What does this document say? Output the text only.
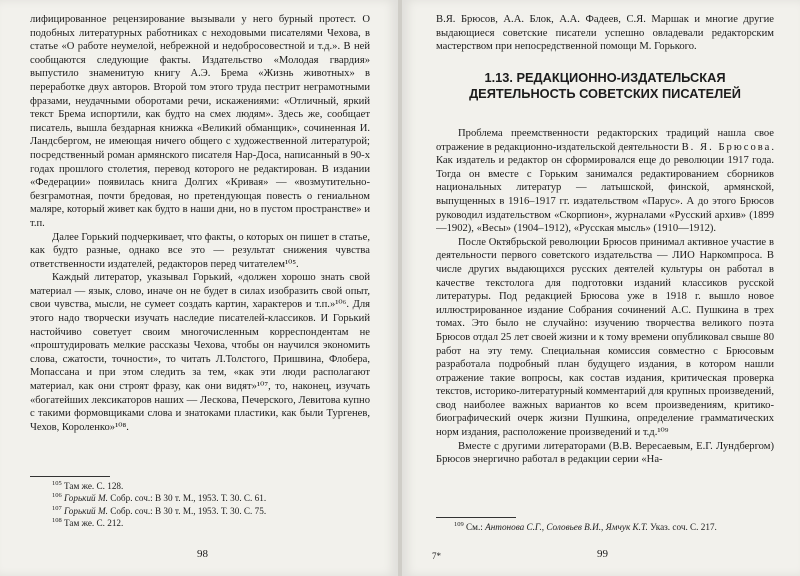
лифицированное рецензирование вызывали у него бурный протест. О подобных литературных работниках с неходовыми писателями Чехова, в статье «О работе неумелой, небрежной и недобросовестной и т.д.». В ней сообщаются следующие факты. Издательство «Молодая гвардия» выпустило знаменитую книгу А.Э. Брема «Жизнь животных» в переработке двух авторов. Второй том этого труда пестрит неграмотными фразами, неудачными оборотами речи, искажениями: «Отличный, яркий текст Брема испортили, как будто на смех людям». Здесь же, сообщает писатель, вышла бездарная книжка «Великий обманщик», сочиненная И. Ландсбергом, не имеющая ничего общего с художественной литературой; посредственный роман армянского писателя Нар-Доса, написанный в 90-х годах прошлого столетия, перевод которого не редактирован. В издании «Федерации» появилась книга Долгих «Кривая» — «возмутительно-безграмотная, почти бредовая, но претендующая повесть о гениальном маляре, который живет как будто в наши дни, но в пустом пространстве» и т.п.

Далее Горький подчеркивает, что факты, о которых он пишет в статье, как будто разные, однако все это — результат снижения чувства ответственности издателей, редакторов перед читателем¹⁰⁵.

Каждый литератор, указывал Горький, «должен хорошо знать свой материал — язык, слово, иначе он не будет в силах изобразить свой опыт, свои чувства, мысли, не сумеет создать картин, характеров и т.п.»¹⁰⁶. Для этого надо творчески изучать наследие писателей-классиков. И Горький настойчиво советует своим многочисленным корреспондентам не «проштудировать мелкие рассказы Чехова, чтобы он научился экономить слова, сжатости, точности», то читать Л.Толстого, Пришвина, Флобера, Мопассана и при этом следить за тем, «как эти люди располагают материал, как они строят фразу, как они видят»¹⁰⁷, то, наконец, изучать «богатейших лексикаторов наших — Лескова, Печерского, Левитова купно с такими формовщиками слова и знатоками пластики, как были Тургенев, Чехов, Короленко»¹⁰⁸.

$^{105}$ Там же. С. 128.
$^{106}$ Горький М. Собр. соч.: В 30 т. М., 1953. Т. 30. С. 61.
$^{107}$ Горький М. Собр. соч.: В 30 т. М., 1953. Т. 30. С. 75.
$^{108}$ Там же. С. 212.
98
В.Я. Брюсов, А.А. Блок, А.А. Фадеев, С.Я. Маршак и многие другие выдающиеся советские писатели успешно овладевали редакторским мастерством при непосредственной помощи М. Горького.
1.13. РЕДАКЦИОННО-ИЗДАТЕЛЬСКАЯ ДЕЯТЕЛЬНОСТЬ СОВЕТСКИХ ПИСАТЕЛЕЙ

Проблема преемственности редакторских традиций нашла свое отражение в редакционно-издательской деятельности В. Я. Брюсова. Как издатель и редактор он сформировался еще до революции 1917 года. Тогда он вместе с Горьким занимался редактированием сборников национальных литератур — латышской, финской, армянской, выпущенных в 1916–1917 гг. издательством «Парус». А до этого Брюсов руководил издательством «Скорпион», журналами «Русский архив» (1899—1902), «Весы» (1904–1912), «Русская мысль» (1910—1912).

После Октябрьской революции Брюсов принимал активное участие в деятельности первого советского издательства — ЛИО Наркомпроса. В числе других выдающихся русских деятелей культуры он работал в качестве текстолога для подготовки изданий классиков русской литературы. Под редакцией Брюсова уже в 1918 г. вышло новое иллюстрированное издание Собрания сочинений А.С. Пушкина в трех томах. Это было не случайно: изучению творчества великого поэта Брюсов отдал 25 лет своей жизни и к тому времени опубликовал свыше 80 работ на эту тему. Специальная комиссия совместно с Брюсовым разработала подробный план будущего издания, в котором нашли отражение такие вопросы, как состав издания, критическая проверка текстов, историко-литературный комментарий для крупных произведений, свод наиболее важных вариантов ко всем произведениям, критико-биографический очерк жизни Пушкина, определение грамматических норм издания, расположение произведений и т.д.¹⁰⁹

Вместе с другими литераторами (В.В. Вересаевым, Е.Г. Лундбергом) Брюсов энергично работал в редакции серии «На-

$^{109}$ См.: Антонова С.Г., Соловьев В.И., Ямчук К.Т. Указ. соч. С. 217.
7*	99
